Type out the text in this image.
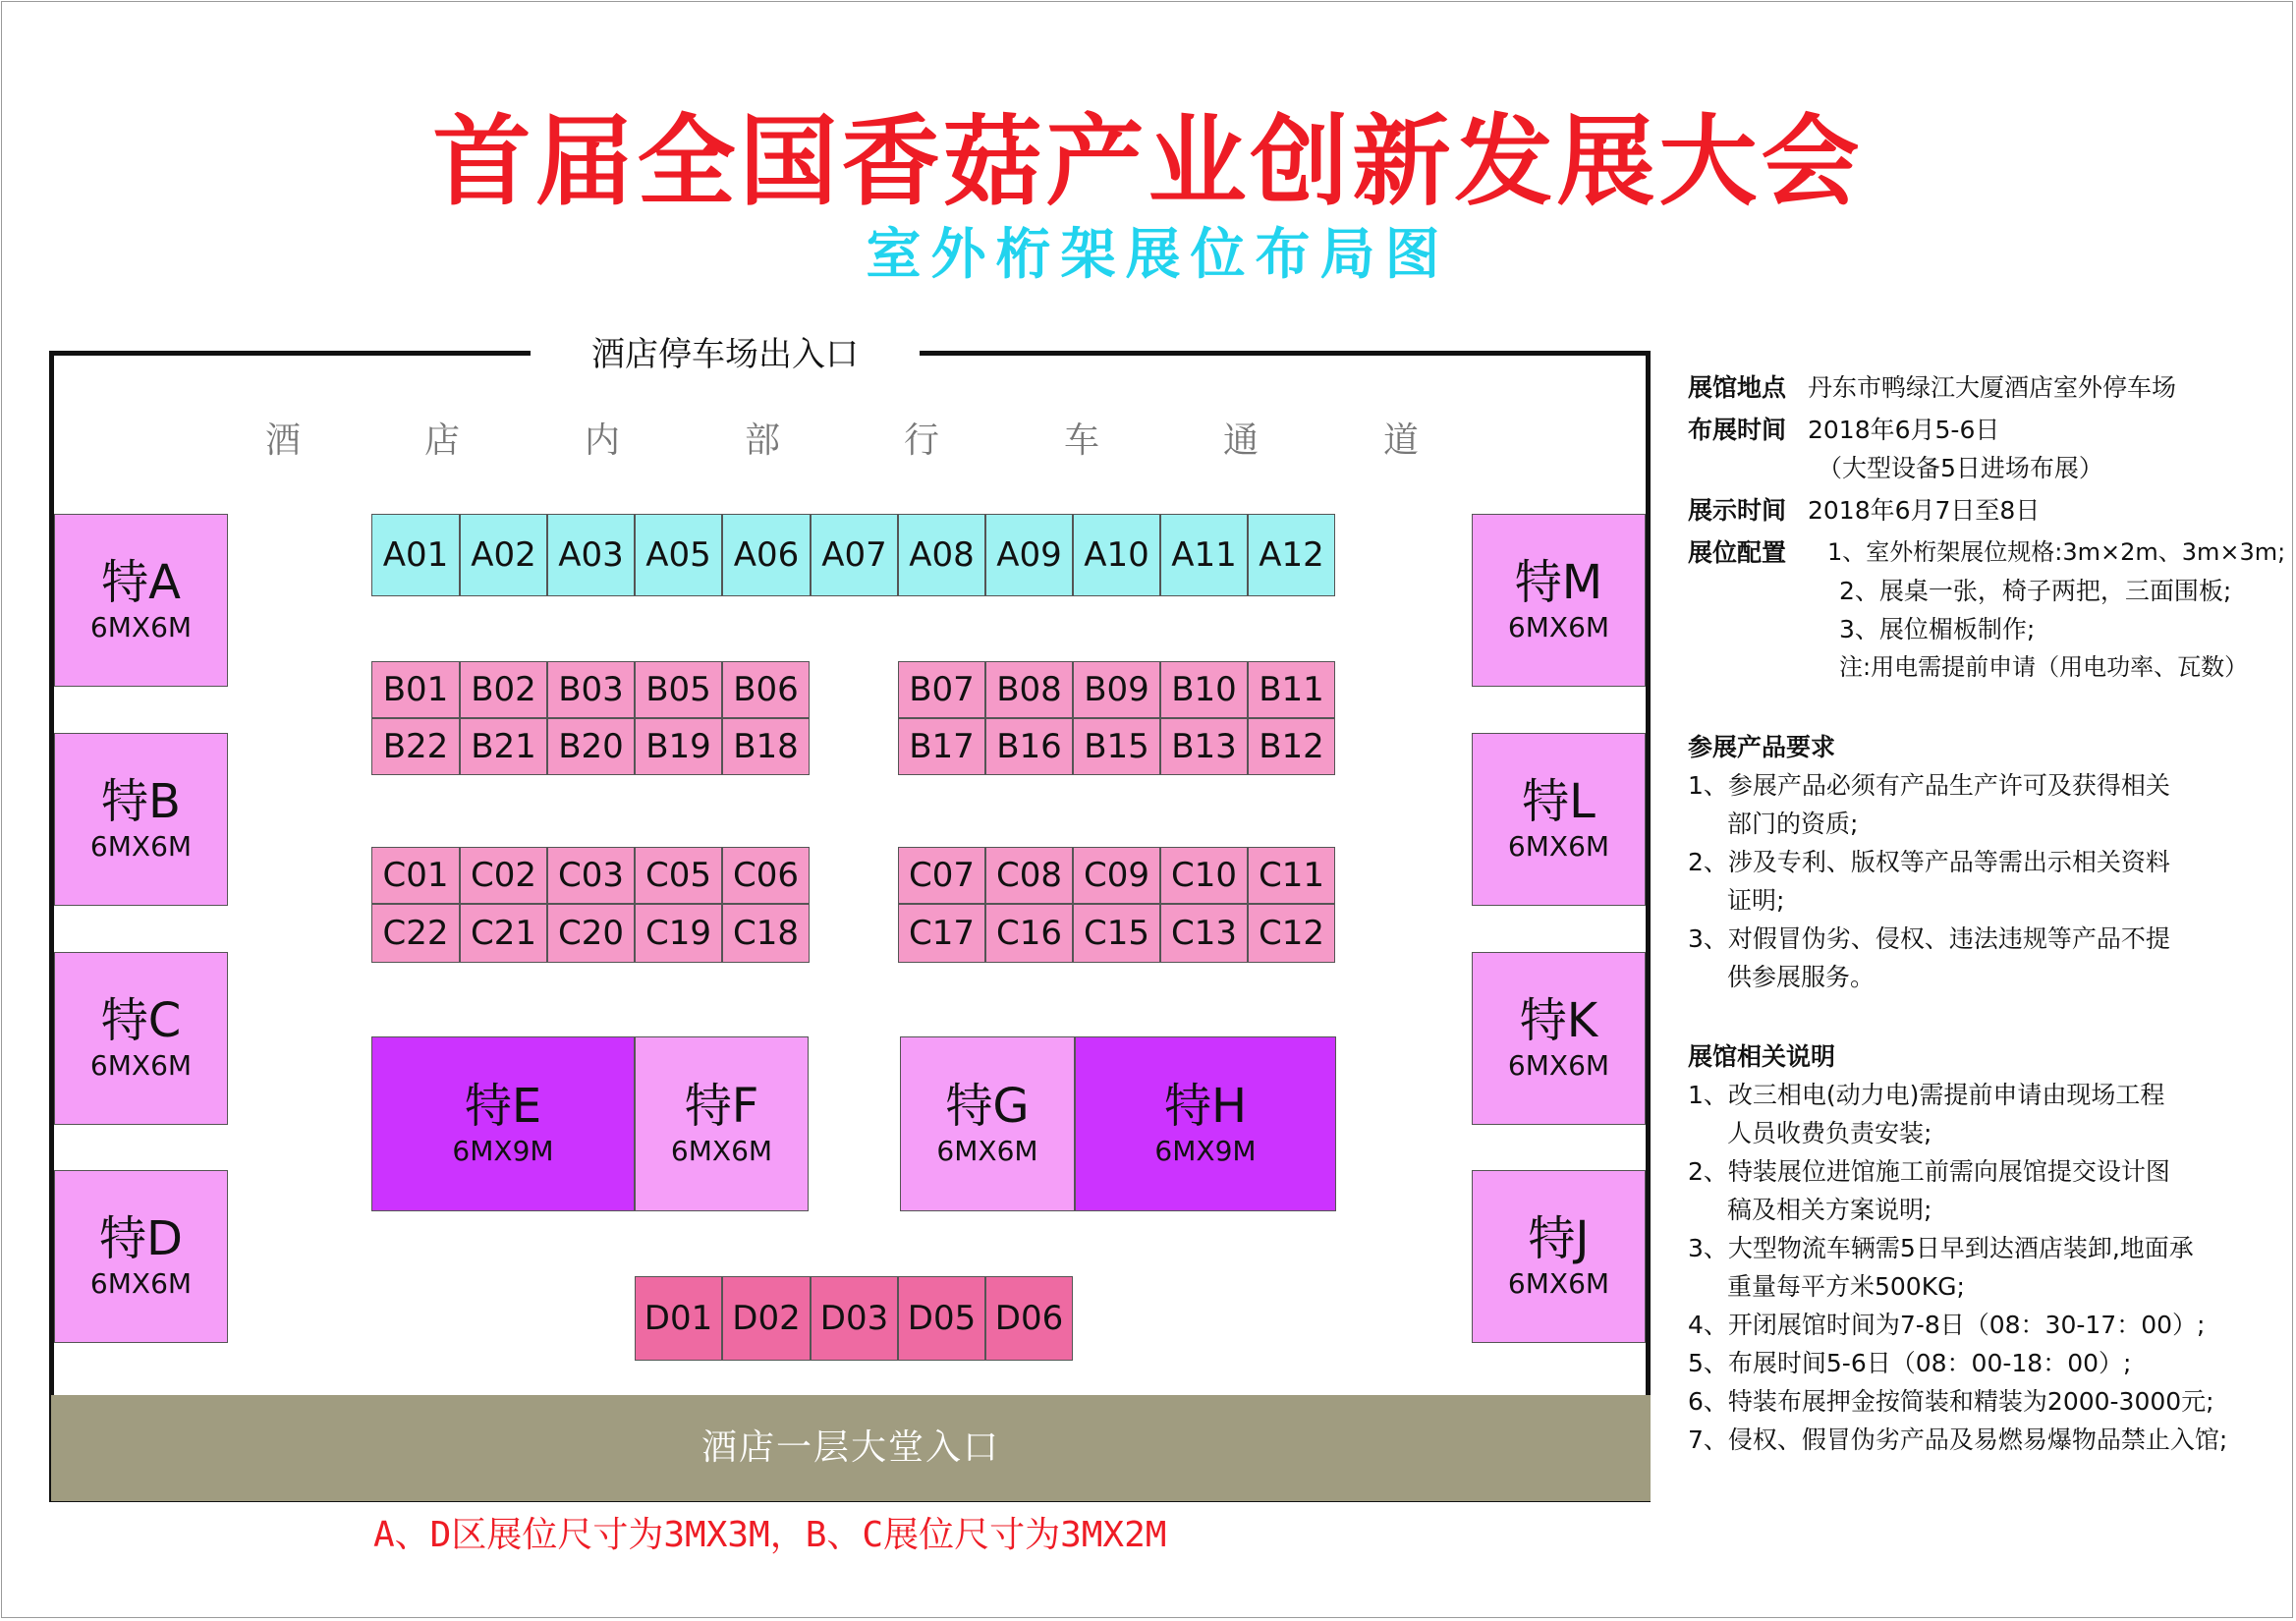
首届全国香菇产业创新发展大会
室外桁架展位布局图
酒店停车场出入口
酒	店	内	部	行	车	通	道
A01 A02 A03 A05 A06 A07 A08 A09 A10 A11 A12
B01 B02 B03 B05 B06
B22 B21 B20 B19 B18
B07 B08 B09 B10 B11
B17 B16 B15 B13 B12
C01 C02 C03 C05 C06
C22 C21 C20 C19 C18
C07 C08 C09 C10 C11
C17 C16 C15 C13 C12
D01 D02 D03 D05 D06
特A
6MX6M
特B
6MX6M
特C
6MX6M
特D
6MX6M
特M
6MX6M
特L
6MX6M
特K
6MX6M
特J
6MX6M
特E
6MX9M
特F
6MX6M
特G
6MX6M
特H
6MX9M
酒店一层大堂入口
A、D区展位尺寸为3MX3M，B、C展位尺寸为3MX2M
展馆地点 丹东市鸭绿江大厦酒店室外停车场
布展时间 2018年6月5-6日
（大型设备5日进场布展）
展示时间 2018年6月7日至8日
展位配置	1、室外桁架展位规格:3m×2m、3m×3m;
2、展桌一张，椅子两把，三面围板;
3、展位楣板制作;
注:用电需提前申请（用电功率、瓦数）
参展产品要求
1、参展产品必须有产品生产许可及获得相关
部门的资质;
2、涉及专利、版权等产品等需出示相关资料
证明;
3、对假冒伪劣、侵权、违法违规等产品不提
供参展服务。
展馆相关说明
1、改三相电(动力电)需提前申请由现场工程
人员收费负责安装;
2、特装展位进馆施工前需向展馆提交设计图
稿及相关方案说明;
3、大型物流车辆需5日早到达酒店装卸,地面承
重量每平方米500KG;
4、开闭展馆时间为7-8日（08：30-17：00）;
5、布展时间5-6日（08：00-18：00）;
6、特装布展押金按简装和精装为2000-3000元;
7、侵权、假冒伪劣产品及易燃易爆物品禁止入馆;
